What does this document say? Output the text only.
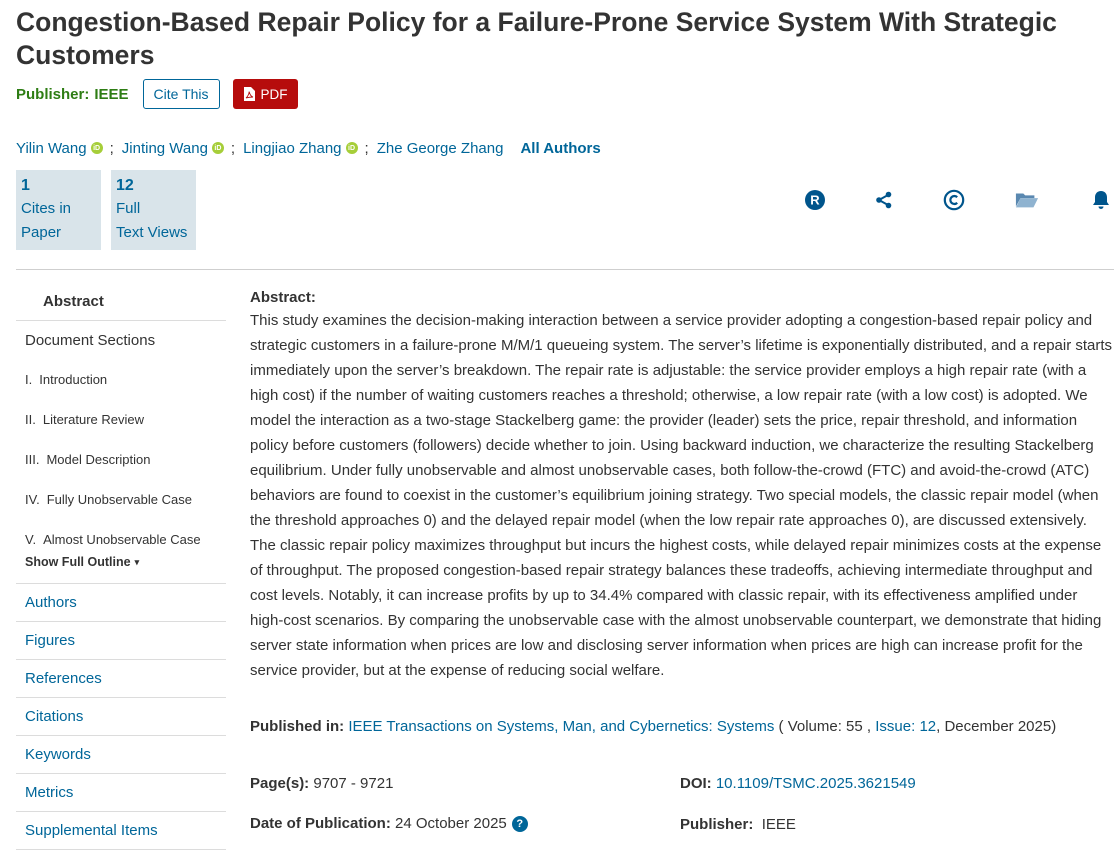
Congestion-Based Repair Policy for a Failure-Prone Service System With Strategic Customers
Publisher: IEEE	Cite This	PDF
Yilin Wang iD ; Jinting Wang iD ; Lingjiao Zhang iD ; Zhe George Zhang All Authors
1
Cites in
Paper
12
Full
Text Views
R
Abstract
Document Sections
I. Introduction
II. Literature Review
III. Model Description
IV. Fully Unobservable Case
V. Almost Unobservable Case
Show Full Outline ▾
Authors
Figures
References
Citations
Keywords
Metrics
Supplemental Items
Abstract:

This study examines the decision-making interaction between a service provider adopting a congestion-based repair policy and strategic customers in a failure-prone M/M/1 queueing system. The server’s lifetime is exponentially distributed, and a repair starts immediately upon the server’s breakdown. The repair rate is adjustable: the service provider employs a high repair rate (with a high cost) if the number of waiting customers reaches a threshold; otherwise, a low repair rate (with a low cost) is adopted. We model the interaction as a two-stage Stackelberg game: the provider (leader) sets the price, repair threshold, and information policy before customers (followers) decide whether to join. Using backward induction, we characterize the resulting Stackelberg equilibrium. Under fully unobservable and almost unobservable cases, both follow-the-crowd (FTC) and avoid-the-crowd (ATC) behaviors are found to coexist in the customer’s equilibrium joining strategy. Two special models, the classic repair model (when the threshold approaches 0) and the delayed repair model (when the low repair rate approaches 0), are discussed extensively. The classic repair policy maximizes throughput but incurs the highest costs, while delayed repair minimizes costs at the expense of throughput. The proposed congestion-based repair strategy balances these tradeoffs, achieving intermediate throughput and cost levels. Notably, it can increase profits by up to 34.4% compared with classic repair, with its effectiveness amplified under high-cost scenarios. By comparing the unobservable case with the almost unobservable counterpart, we demonstrate that hiding server state information when prices are low and disclosing server information when prices are high can increase profit for the service provider, but at the expense of reducing social welfare.

Published in: IEEE Transactions on Systems, Man, and Cybernetics: Systems ( Volume: 55 , Issue: 12, December 2025)
Page(s):
9707 - 9721	DOI:
10.1109/TSMC.2025.3621549
Date of Publication:
24 October 2025 ?	Publisher:
IEEE
